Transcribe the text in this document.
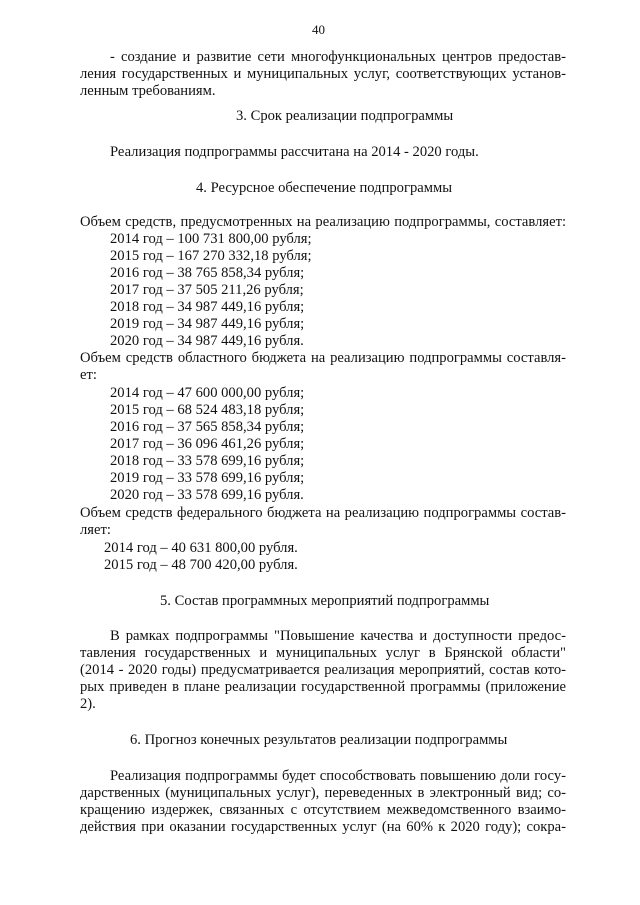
40

- создание и развитие сети многофункциональных центров предостав-

ления государственных и муниципальных услуг, соответствующих установ-

ленным требованиям.

3. Срок реализации подпрограммы

Реализация подпрограммы рассчитана на 2014 - 2020 годы.

4. Ресурсное обеспечение подпрограммы

Объем средств, предусмотренных на реализацию подпрограммы, составляет:

2014 год – 100 731 800,00 рубля;

2015 год – 167 270 332,18 рубля;

2016 год – 38 765 858,34 рубля;

2017 год – 37 505 211,26 рубля;

2018 год – 34 987 449,16 рубля;

2019 год – 34 987 449,16 рубля;

2020 год – 34 987 449,16 рубля.

Объем средств областного бюджета на реализацию подпрограммы составля-

ет:

2014 год – 47 600 000,00 рубля;

2015 год – 68 524 483,18 рубля;

2016 год – 37 565 858,34 рубля;

2017 год – 36 096 461,26 рубля;

2018 год – 33 578 699,16 рубля;

2019 год – 33 578 699,16 рубля;

2020 год – 33 578 699,16 рубля.

Объем средств федерального бюджета на реализацию подпрограммы состав-

ляет:

2014 год – 40 631 800,00 рубля.

2015 год – 48 700 420,00 рубля.

5. Состав программных мероприятий подпрограммы

В рамках подпрограммы "Повышение качества и доступности предос-

тавления государственных и муниципальных услуг в Брянской области"

(2014 - 2020 годы) предусматривается реализация мероприятий, состав кото-

рых приведен в плане реализации государственной программы (приложение

2).

6. Прогноз конечных результатов реализации подпрограммы

Реализация подпрограммы будет способствовать повышению доли госу-

дарственных (муниципальных услуг), переведенных в электронный вид; со-

кращению издержек, связанных с отсутствием межведомственного взаимо-

действия при оказании государственных услуг (на 60% к 2020 году); сокра-
